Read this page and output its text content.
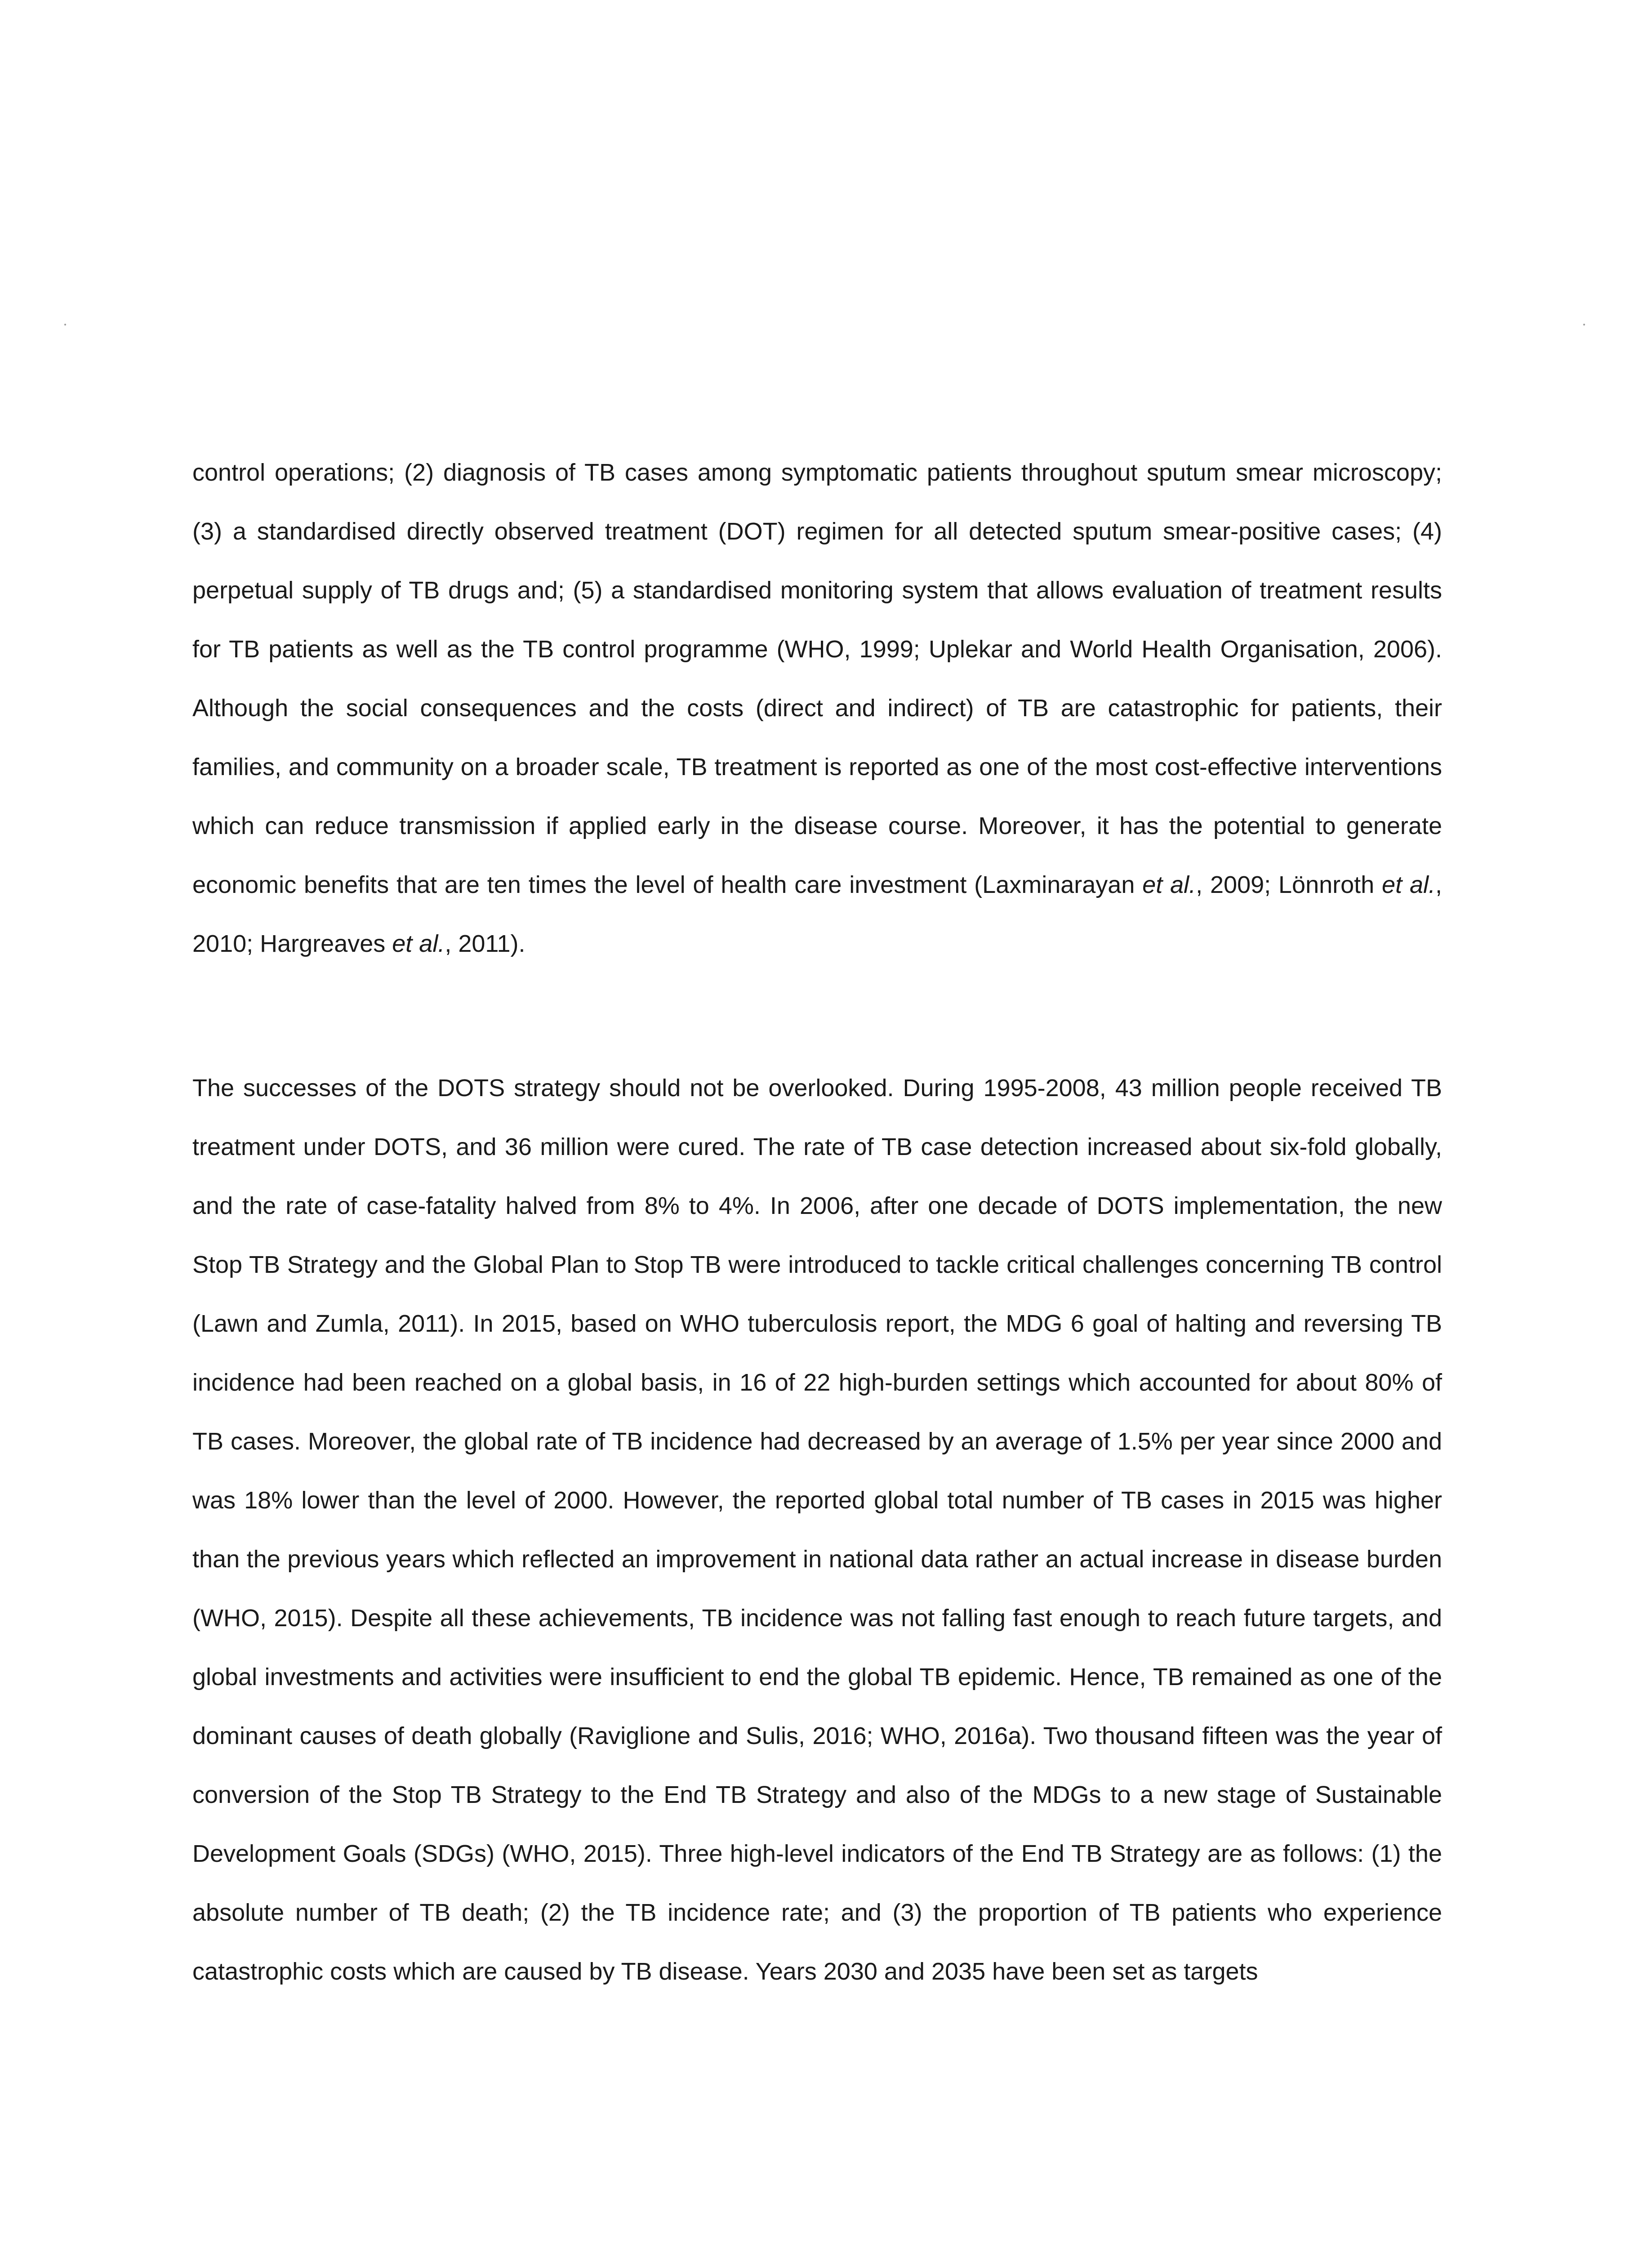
control operations; (2) diagnosis of TB cases among symptomatic patients throughout sputum smear microscopy; (3) a standardised directly observed treatment (DOT) regimen for all detected sputum smear-positive cases; (4) perpetual supply of TB drugs and; (5) a standardised monitoring system that allows evaluation of treatment results for TB patients as well as the TB control programme (WHO, 1999; Uplekar and World Health Organisation, 2006). Although the social consequences and the costs (direct and indirect) of TB are catastrophic for patients, their families, and community on a broader scale, TB treatment is reported as one of the most cost-effective interventions which can reduce transmission if applied early in the disease course. Moreover, it has the potential to generate economic benefits that are ten times the level of health care investment (Laxminarayan et al., 2009; Lönnroth et al., 2010; Hargreaves et al., 2011).

The successes of the DOTS strategy should not be overlooked. During 1995-2008, 43 million people received TB treatment under DOTS, and 36 million were cured. The rate of TB case detection increased about six-fold globally, and the rate of case-fatality halved from 8% to 4%. In 2006, after one decade of DOTS implementation, the new Stop TB Strategy and the Global Plan to Stop TB were introduced to tackle critical challenges concerning TB control (Lawn and Zumla, 2011). In 2015, based on WHO tuberculosis report, the MDG 6 goal of halting and reversing TB incidence had been reached on a global basis, in 16 of 22 high-burden settings which accounted for about 80% of TB cases. Moreover, the global rate of TB incidence had decreased by an average of 1.5% per year since 2000 and was 18% lower than the level of 2000. However, the reported global total number of TB cases in 2015 was higher than the previous years which reflected an improvement in national data rather an actual increase in disease burden (WHO, 2015). Despite all these achievements, TB incidence was not falling fast enough to reach future targets, and global investments and activities were insufficient to end the global TB epidemic. Hence, TB remained as one of the dominant causes of death globally (Raviglione and Sulis, 2016; WHO, 2016a). Two thousand fifteen was the year of conversion of the Stop TB Strategy to the End TB Strategy and also of the MDGs to a new stage of Sustainable Development Goals (SDGs) (WHO, 2015). Three high-level indicators of the End TB Strategy are as follows: (1) the absolute number of TB death; (2) the TB incidence rate; and (3) the proportion of TB patients who experience catastrophic costs which are caused by TB disease. Years 2030 and 2035 have been set as targets
